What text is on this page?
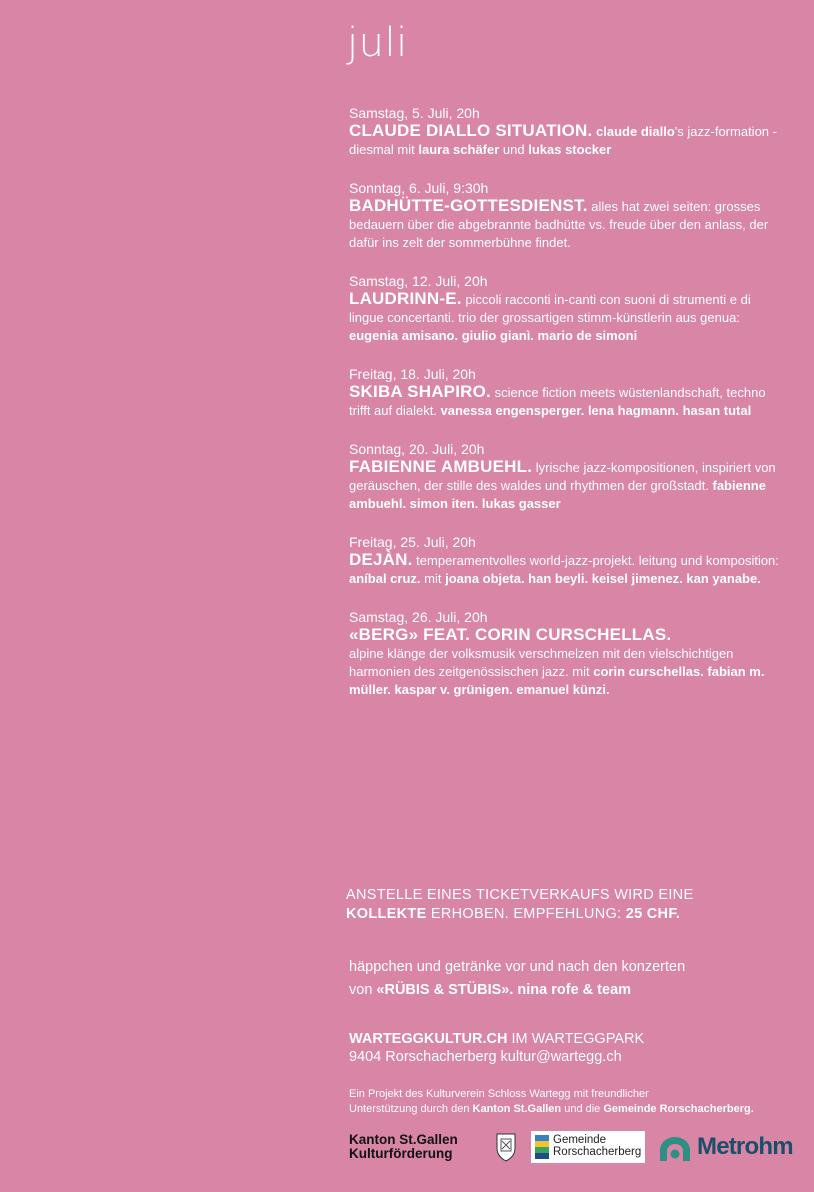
juli
Samstag, 5. Juli, 20h
CLAUDE DIALLO SITUATION. claude diallo's jazz-formation - diesmal mit laura schäfer und lukas stocker
Sonntag, 6. Juli, 9:30h
BADHÜTTE-GOTTESDIENST. alles hat zwei seiten: grosses bedauern über die abgebrannte badhütte vs. freude über den anlass, der dafür ins zelt der sommerbühne findet.
Samstag, 12. Juli, 20h
LAUDRINN-E. piccoli racconti in-canti con suoni di strumenti e di lingue concertanti. trio der grossartigen stimm-künstlerin aus genua: eugenia amisano. giulio gianì. mario de simoni
Freitag, 18. Juli, 20h
SKIBA SHAPIRO. science fiction meets wüstenlandschaft, techno trifft auf dialekt. vanessa engensperger. lena hagmann. hasan tutal
Sonntag, 20. Juli, 20h
FABIENNE AMBUEHL. lyrische jazz-kompositionen, inspiriert von geräuschen, der stille des waldes und rhythmen der großstadt. fabienne ambuehl. simon iten. lukas gasser
Freitag, 25. Juli, 20h
DEJÀN. temperamentvolles world-jazz-projekt. leitung und komposition: aníbal cruz. mit joana objeta. han beyli. keisel jimenez. kan yanabe.
Samstag, 26. Juli, 20h
«BERG» FEAT. CORIN CURSCHELLAS.
alpine klänge der volksmusik verschmelzen mit den vielschichtigen harmonien des zeitgenössischen jazz. mit corin curschellas. fabian m. müller. kaspar v. grünigen. emanuel künzi.
ANSTELLE EINES TICKETVERKAUFS WIRD EINE
KOLLEKTE ERHOBEN. EMPFEHLUNG: 25 CHF.
häppchen und getränke vor und nach den konzerten
von «RÜBIS & STÜBIS». nina rofe & team
WARTEGGKULTUR.CH IM WARTEGGPARK
9404 Rorschacherberg kultur@wartegg.ch
Ein Projekt des Kulturverein Schloss Wartegg mit freundlicher
Unterstützung durch den Kanton St.Gallen und die Gemeinde Rorschacherberg.
Kanton St.Gallen
Kulturförderung
Gemeinde
Rorschacherberg Metrohm
